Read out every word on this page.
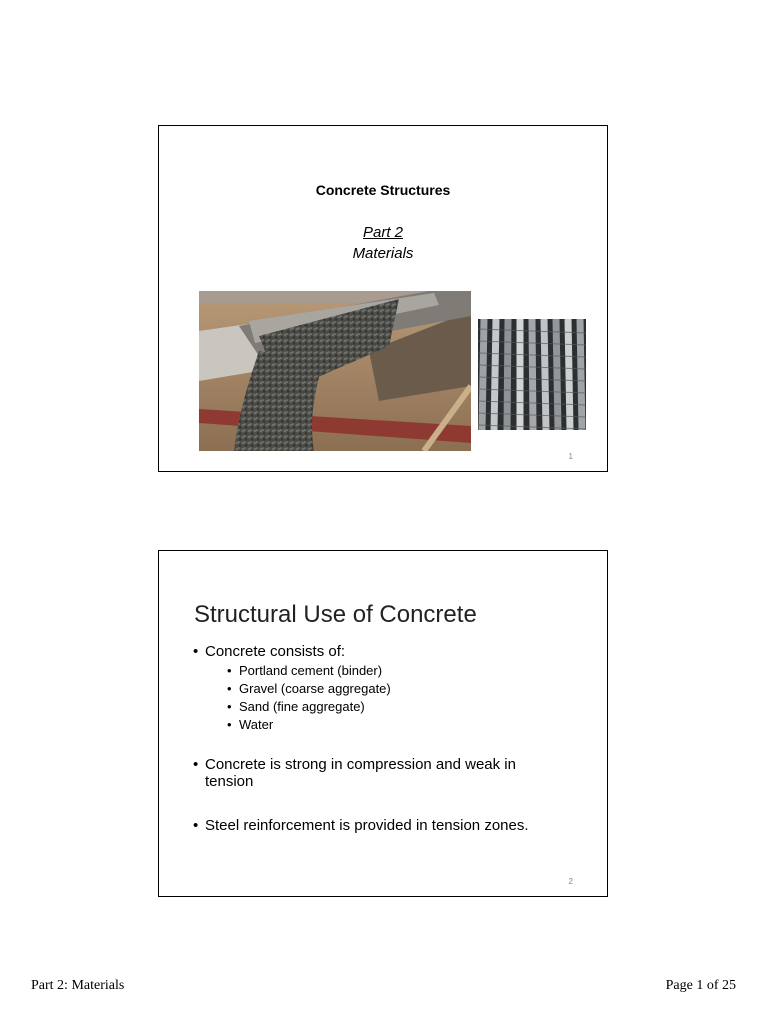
Concrete Structures
Part 2
Materials
1
Structural Use of Concrete
• Concrete consists of:
• Portland cement (binder)
• Gravel (coarse aggregate)
• Sand (fine aggregate)
• Water
• Concrete is strong in compression and weak in tension
• Steel reinforcement is provided in tension zones.
2
Part 2: Materials	Page 1 of 25
